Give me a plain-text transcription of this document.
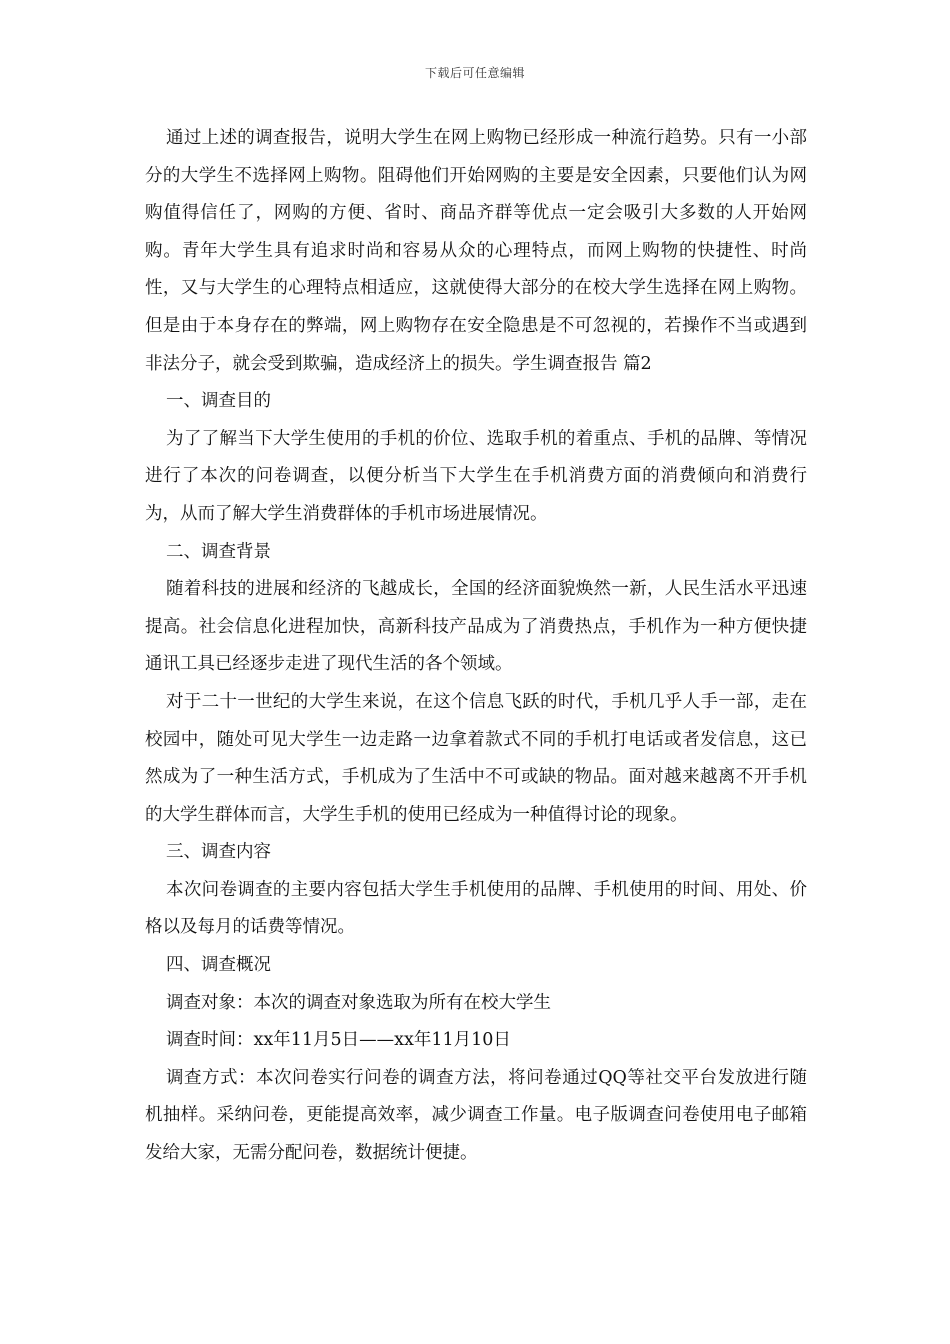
下载后可任意编辑

通过上述的调查报告，说明大学生在网上购物已经形成一种流行趋势。只有一小部分的大学生不选择网上购物。阻碍他们开始网购的主要是安全因素，只要他们认为网购值得信任了，网购的方便、省时、商品齐群等优点一定会吸引大多数的人开始网购。青年大学生具有追求时尚和容易从众的心理特点，而网上购物的快捷性、时尚性，又与大学生的心理特点相适应，这就使得大部分的在校大学生选择在网上购物。但是由于本身存在的弊端，网上购物存在安全隐患是不可忽视的，若操作不当或遇到非法分子，就会受到欺骗，造成经济上的损失。学生调查报告 篇2

一、调查目的

为了了解当下大学生使用的手机的价位、选取手机的着重点、手机的品牌、等情况进行了本次的问卷调查，以便分析当下大学生在手机消费方面的消费倾向和消费行为，从而了解大学生消费群体的手机市场进展情况。

二、调查背景

随着科技的进展和经济的飞越成长，全国的经济面貌焕然一新，人民生活水平迅速提高。社会信息化进程加快，高新科技产品成为了消费热点，手机作为一种方便快捷通讯工具已经逐步走进了现代生活的各个领域。

对于二十一世纪的大学生来说，在这个信息飞跃的时代，手机几乎人手一部，走在校园中，随处可见大学生一边走路一边拿着款式不同的手机打电话或者发信息，这已然成为了一种生活方式，手机成为了生活中不可或缺的物品。面对越来越离不开手机的大学生群体而言，大学生手机的使用已经成为一种值得讨论的现象。

三、调查内容

本次问卷调查的主要内容包括大学生手机使用的品牌、手机使用的时间、用处、价格以及每月的话费等情况。

四、调查概况

调查对象：本次的调查对象选取为所有在校大学生

调查时间：xx年11月5日——xx年11月10日

调查方式：本次问卷实行问卷的调查方法，将问卷通过QQ等社交平台发放进行随机抽样。采纳问卷，更能提高效率，减少调查工作量。电子版调查问卷使用电子邮箱发给大家，无需分配问卷，数据统计便捷。
